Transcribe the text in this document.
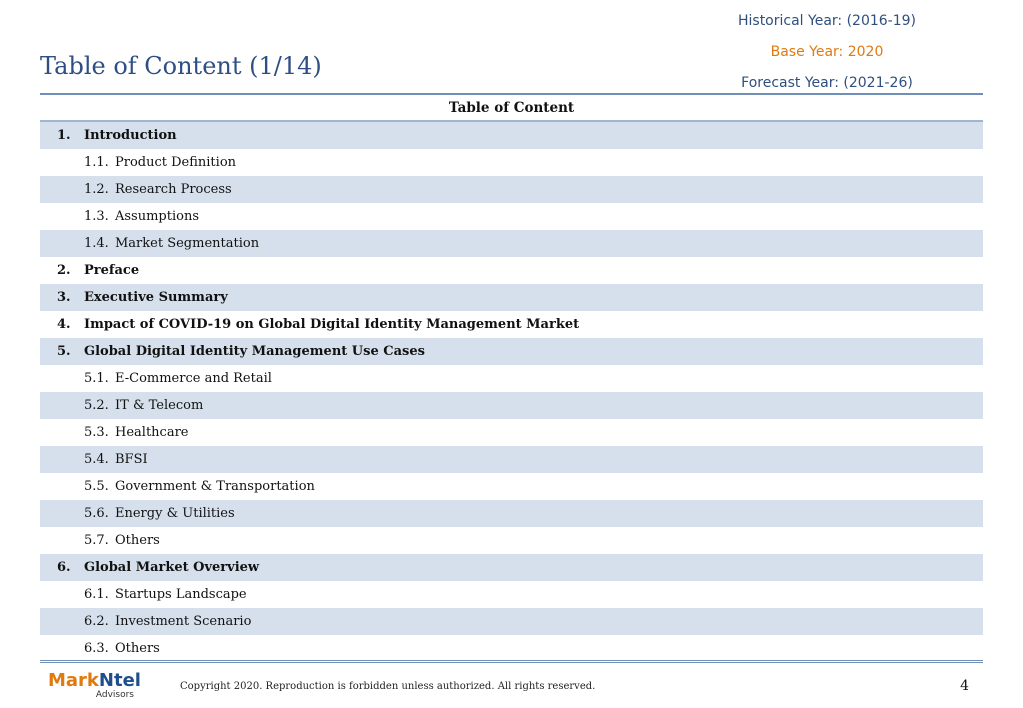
Historical Year: (2016-19)
Base Year: 2020
Forecast Year: (2021-26)
Table of Content (1/14)
Table of Content
1. Introduction
1.1. Product Definition
1.2. Research Process
1.3. Assumptions
1.4. Market Segmentation
2. Preface
3. Executive Summary
4. Impact of COVID-19 on Global Digital Identity Management Market
5. Global Digital Identity Management Use Cases
5.1. E-Commerce and Retail
5.2. IT & Telecom
5.3. Healthcare
5.4. BFSI
5.5. Government & Transportation
5.6. Energy & Utilities
5.7. Others
6. Global Market Overview
6.1. Startups Landscape
6.2. Investment Scenario
6.3. Others
MarkNtel
Advisors
Copyright 2020. Reproduction is forbidden unless authorized. All rights reserved.	4
